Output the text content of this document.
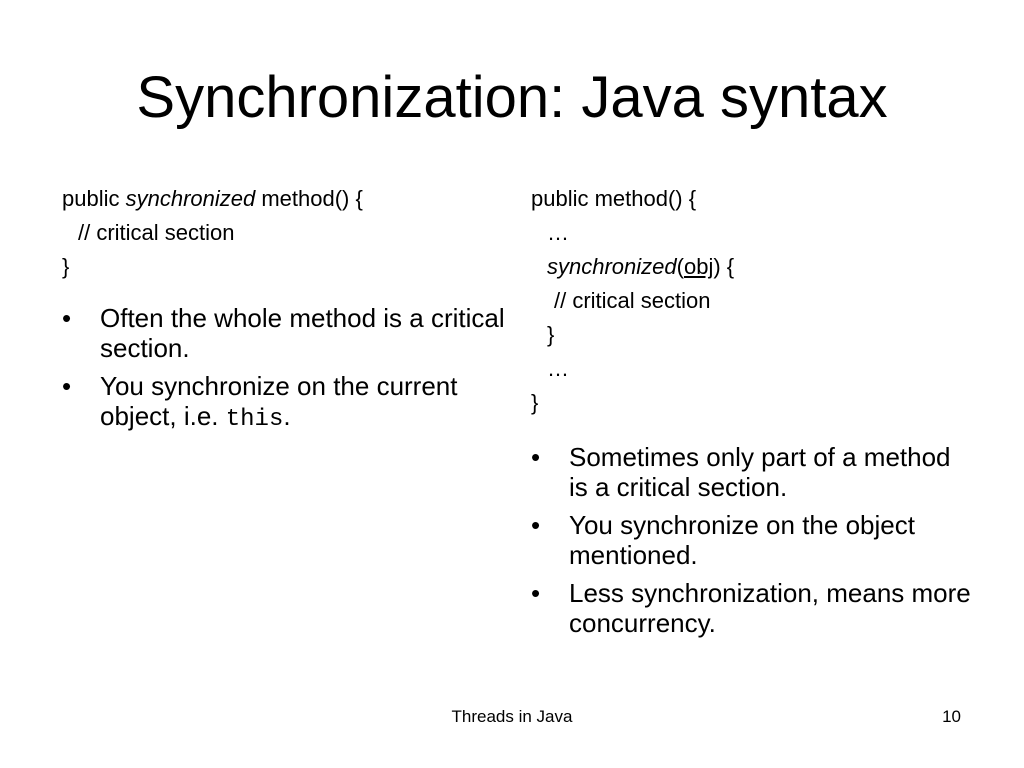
Synchronization: Java syntax
public synchronized method() {
// critical section
}
•	Often the whole method is a critical section.
•	You synchronize on the current object, i.e. this.
public method() {
…
synchronized(obj) {
// critical section
}
…
}
•	Sometimes only part of a method is a critical section.
•	You synchronize on the object mentioned.
•	Less synchronization, means more concurrency.
Threads in Java	10
